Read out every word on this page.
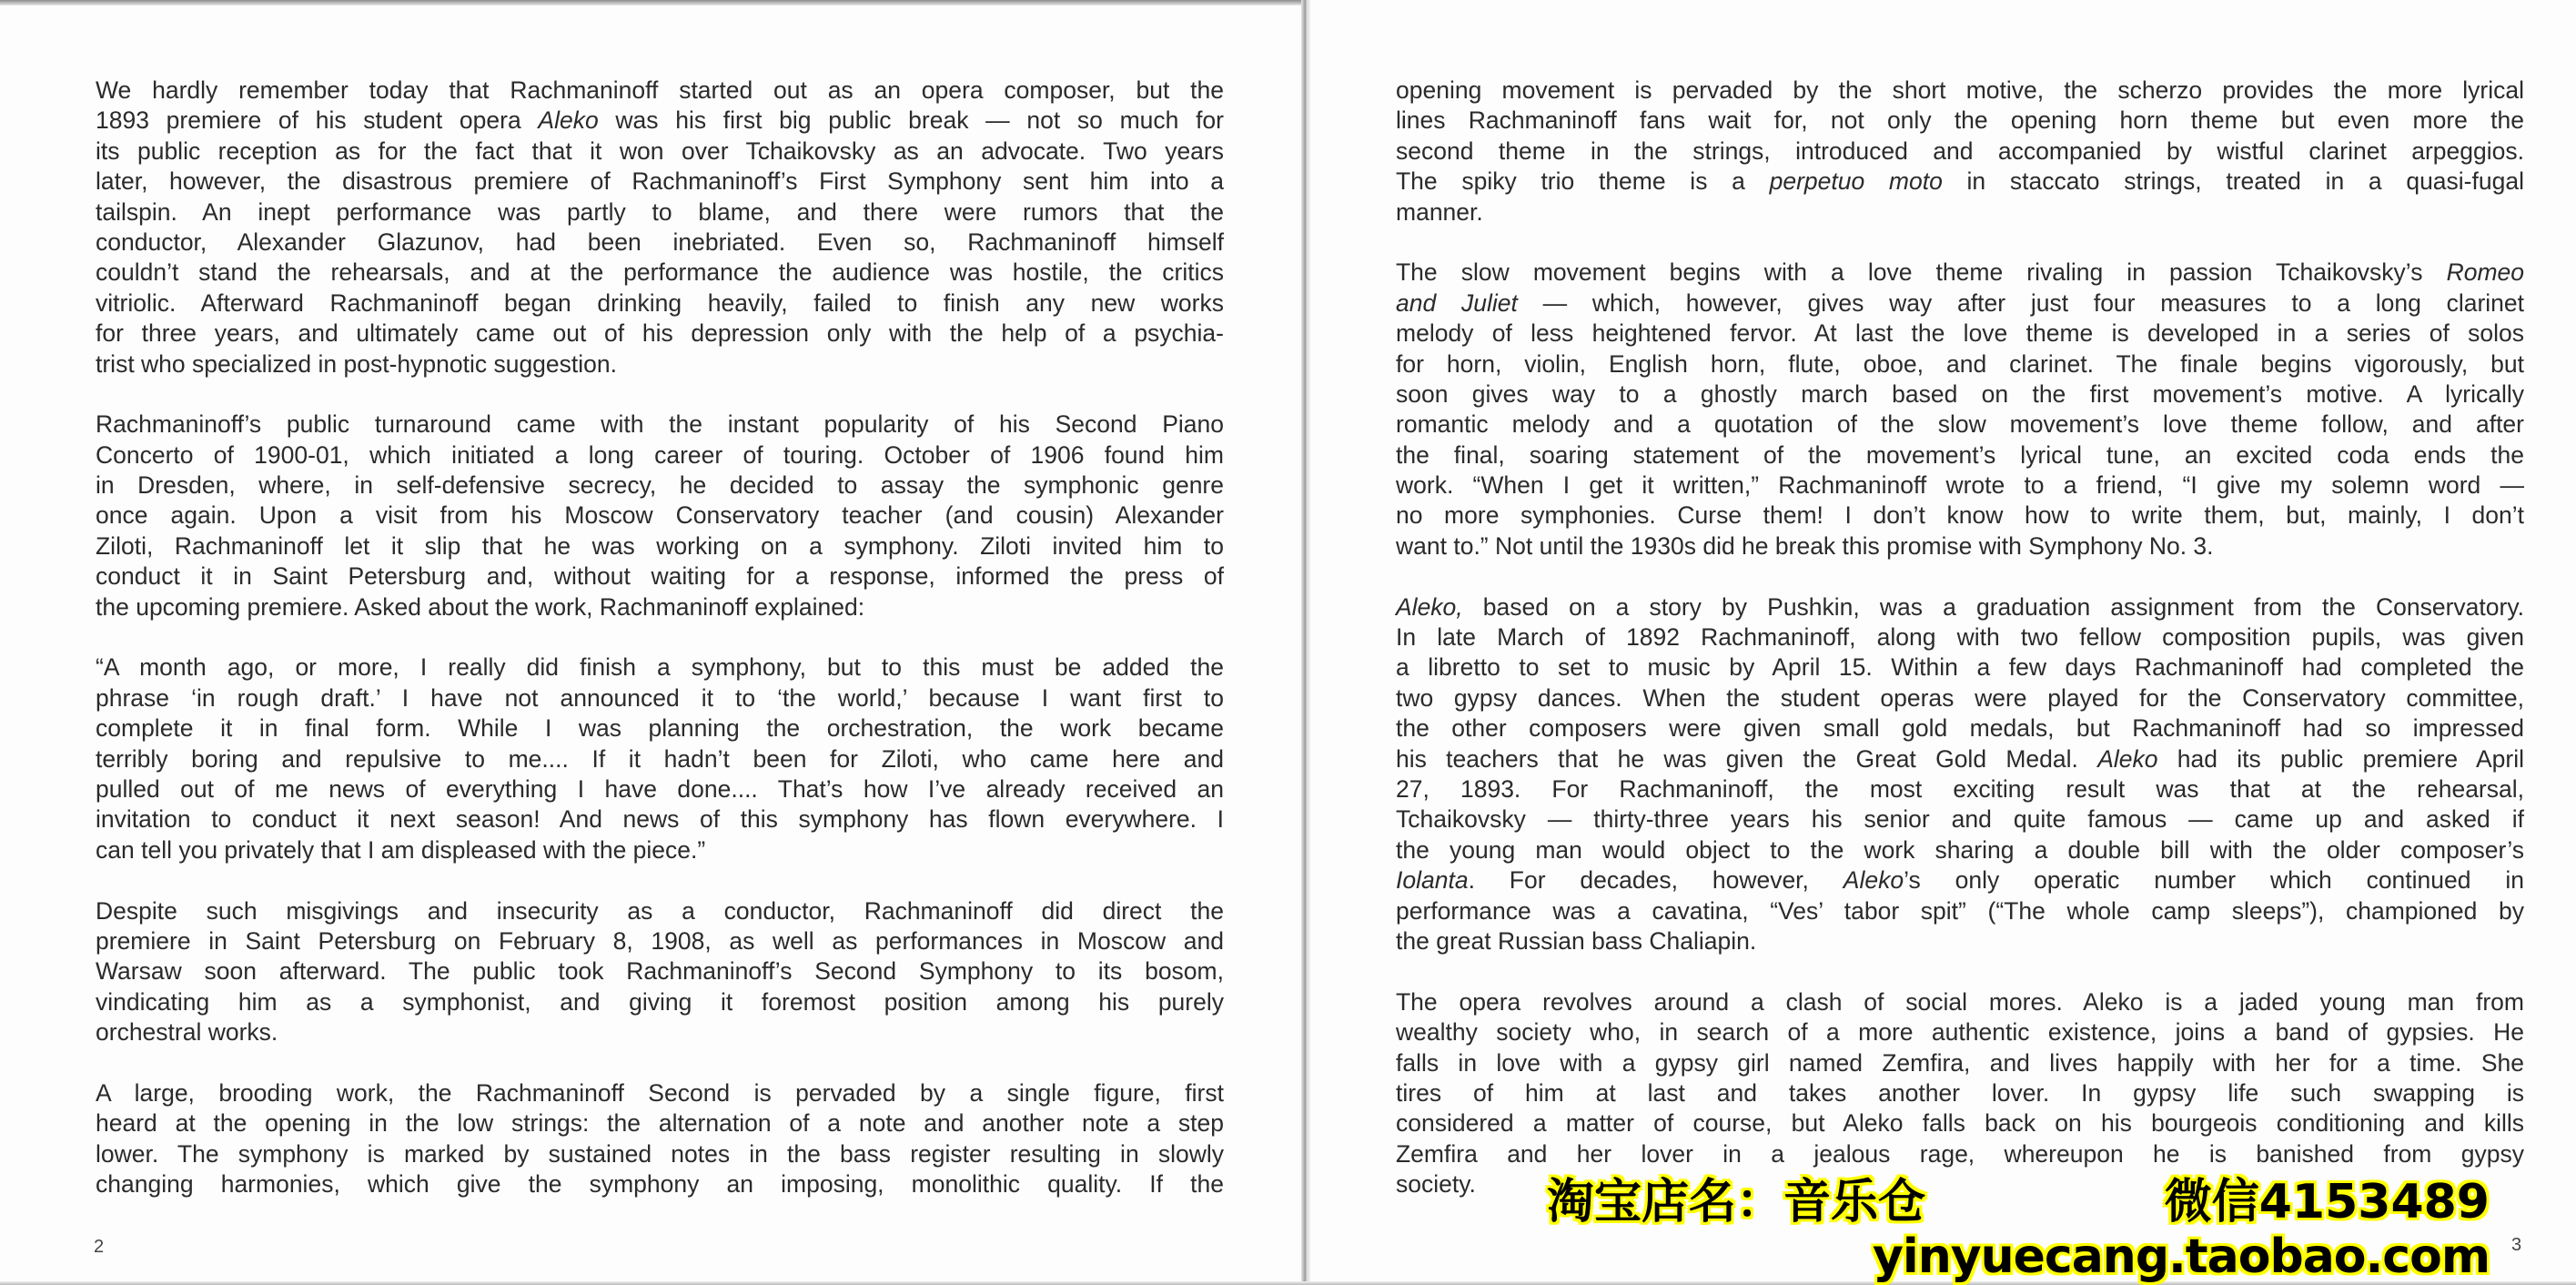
We hardly remember today that Rachmaninoff started out as an opera composer, but the
1893 premiere of his student opera Aleko was his first big public break — not so much for
its public reception as for the fact that it won over Tchaikovsky as an advocate. Two years
later, however, the disastrous premiere of Rachmaninoff’s First Symphony sent him into a
tailspin. An inept performance was partly to blame, and there were rumors that the
conductor, Alexander Glazunov, had been inebriated. Even so, Rachmaninoff himself
couldn’t stand the rehearsals, and at the performance the audience was hostile, the critics
vitriolic. Afterward Rachmaninoff began drinking heavily, failed to finish any new works
for three years, and ultimately came out of his depression only with the help of a psychia-
trist who specialized in post-hypnotic suggestion.
Rachmaninoff’s public turnaround came with the instant popularity of his Second Piano
Concerto of 1900-01, which initiated a long career of touring. October of 1906 found him
in Dresden, where, in self-defensive secrecy, he decided to assay the symphonic genre
once again. Upon a visit from his Moscow Conservatory teacher (and cousin) Alexander
Ziloti, Rachmaninoff let it slip that he was working on a symphony. Ziloti invited him to
conduct it in Saint Petersburg and, without waiting for a response, informed the press of
the upcoming premiere. Asked about the work, Rachmaninoff explained:
“A month ago, or more, I really did finish a symphony, but to this must be added the
phrase ‘in rough draft.’ I have not announced it to ‘the world,’ because I want first to
complete it in final form. While I was planning the orchestration, the work became
terribly boring and repulsive to me.... If it hadn’t been for Ziloti, who came here and
pulled out of me news of everything I have done.... That’s how I’ve already received an
invitation to conduct it next season! And news of this symphony has flown everywhere. I
can tell you privately that I am displeased with the piece.”
Despite such misgivings and insecurity as a conductor, Rachmaninoff did direct the
premiere in Saint Petersburg on February 8, 1908, as well as performances in Moscow and
Warsaw soon afterward. The public took Rachmaninoff’s Second Symphony to its bosom,
vindicating him as a symphonist, and giving it foremost position among his purely
orchestral works.
A large, brooding work, the Rachmaninoff Second is pervaded by a single figure, first
heard at the opening in the low strings: the alternation of a note and another note a step
lower. The symphony is marked by sustained notes in the bass register resulting in slowly
changing harmonies, which give the symphony an imposing, monolithic quality. If the
opening movement is pervaded by the short motive, the scherzo provides the more lyrical
lines Rachmaninoff fans wait for, not only the opening horn theme but even more the
second theme in the strings, introduced and accompanied by wistful clarinet arpeggios.
The spiky trio theme is a perpetuo moto in staccato strings, treated in a quasi-fugal
manner.
The slow movement begins with a love theme rivaling in passion Tchaikovsky’s Romeo
and Juliet — which, however, gives way after just four measures to a long clarinet
melody of less heightened fervor. At last the love theme is developed in a series of solos
for horn, violin, English horn, flute, oboe, and clarinet. The finale begins vigorously, but
soon gives way to a ghostly march based on the first movement’s motive. A lyrically
romantic melody and a quotation of the slow movement’s love theme follow, and after
the final, soaring statement of the movement’s lyrical tune, an excited coda ends the
work. “When I get it written,” Rachmaninoff wrote to a friend, “I give my solemn word —
no more symphonies. Curse them! I don’t know how to write them, but, mainly, I don’t
want to.” Not until the 1930s did he break this promise with Symphony No. 3.
Aleko, based on a story by Pushkin, was a graduation assignment from the Conservatory.
In late March of 1892 Rachmaninoff, along with two fellow composition pupils, was given
a libretto to set to music by April 15. Within a few days Rachmaninoff had completed the
two gypsy dances. When the student operas were played for the Conservatory committee,
the other composers were given small gold medals, but Rachmaninoff had so impressed
his teachers that he was given the Great Gold Medal. Aleko had its public premiere April
27, 1893. For Rachmaninoff, the most exciting result was that at the rehearsal,
Tchaikovsky — thirty-three years his senior and quite famous — came up and asked if
the young man would object to the work sharing a double bill with the older composer’s
Iolanta. For decades, however, Aleko’s only operatic number which continued in
performance was a cavatina, “Ves’ tabor spit” (“The whole camp sleeps”), championed by
the great Russian bass Chaliapin.
The opera revolves around a clash of social mores. Aleko is a jaded young man from
wealthy society who, in search of a more authentic existence, joins a band of gypsies. He
falls in love with a gypsy girl named Zemfira, and lives happily with her for a time. She
tires of him at last and takes another lover. In gypsy life such swapping is
considered a matter of course, but Aleko falls back on his bourgeois conditioning and kills
Zemfira and her lover in a jealous rage, whereupon he is banished from gypsy
society.
2	3
淘宝店名：音乐仓	微信4153489
yinyuecang.taobao.com
